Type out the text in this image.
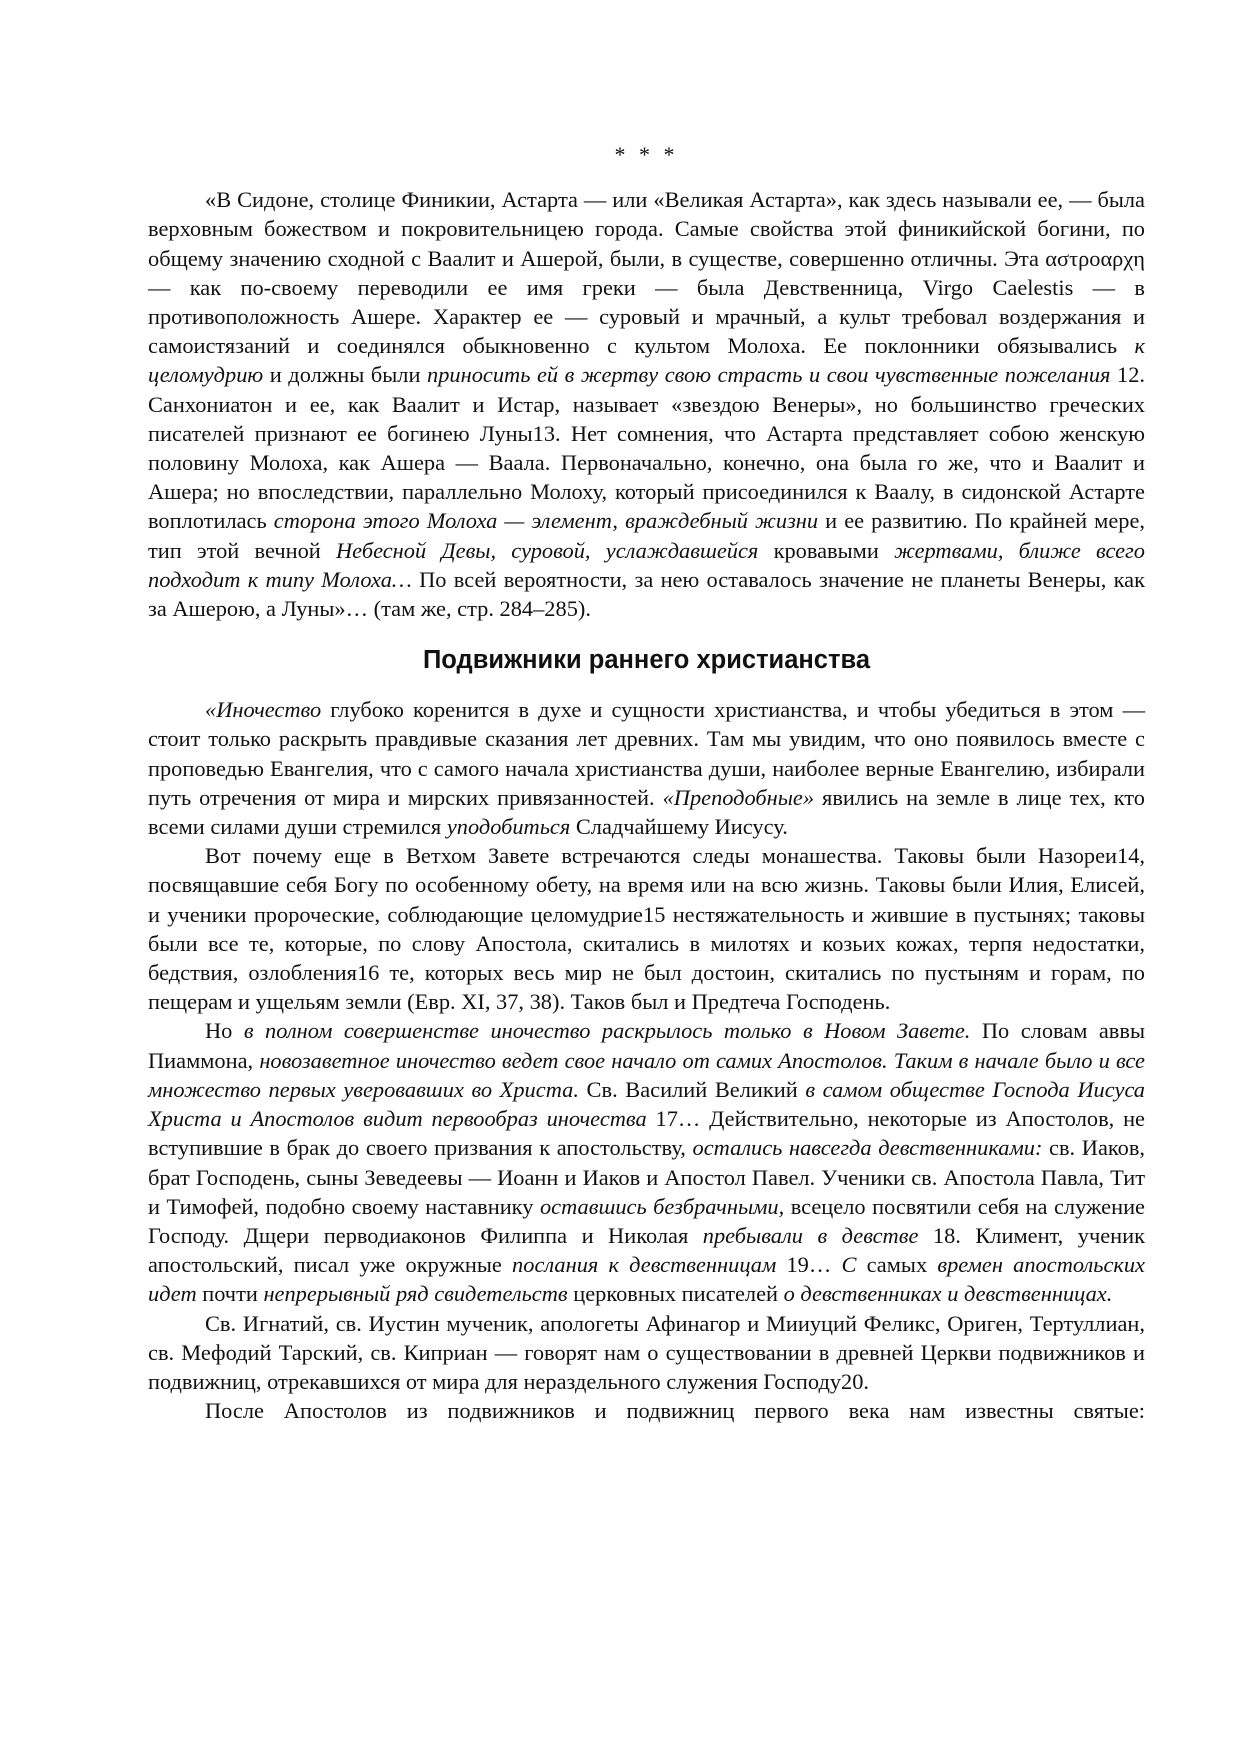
* * *

«В Сидоне, столице Финикии, Астарта — или «Великая Астарта», как здесь называли ее, — была верховным божеством и покровительницею города. Самые свойства этой финикийской богини, по общему значению сходной с Ваалит и Ашерой, были, в существе, совершенно отличны. Эта αστροαρχη — как по-своему переводили ее имя греки — была Девственница, Virgo Caelestis — в противоположность Ашере. Характер ее — суровый и мрачный, а культ требовал воздержания и самоистязаний и соединялся обыкновенно с культом Молоха. Ее поклонники обязывались к целомудрию и должны были приносить ей в жертву свою страсть и свои чувственные пожелания 12. Санхониатон и ее, как Ваалит и Истар, называет «звездою Венеры», но большинство греческих писателей признают ее богинею Луны13. Нет сомнения, что Астарта представляет собою женскую половину Молоха, как Ашера — Ваала. Первоначально, конечно, она была го же, что и Ваалит и Ашера; но впоследствии, параллельно Молоху, который присоединился к Ваалу, в сидонской Астарте воплотилась сторона этого Молоха — элемент, враждебный жизни и ее развитию. По крайней мере, тип этой вечной Небесной Девы, суровой, услаждавшейся кровавыми жертвами, ближе всего подходит к типу Молоха… По всей вероятности, за нею оставалось значение не планеты Венеры, как за Ашерою, а Луны»… (там же, стр. 284–285).

Подвижники раннего христианства

«Иночество глубоко коренится в духе и сущности христианства, и чтобы убедиться в этом — стоит только раскрыть правдивые сказания лет древних. Там мы увидим, что оно появилось вместе с проповедью Евангелия, что с самого начала христианства души, наиболее верные Евангелию, избирали путь отречения от мира и мирских привязанностей. «Преподобные» явились на земле в лице тех, кто всеми силами души стремился уподобиться Сладчайшему Иисусу.

Вот почему еще в Ветхом Завете встречаются следы монашества. Таковы были Назореи14, посвящавшие себя Богу по особенному обету, на время или на всю жизнь. Таковы были Илия, Елисей, и ученики пророческие, соблюдающие целомудрие15 нестяжательность и жившие в пустынях; таковы были все те, которые, по слову Апостола, скитались в милотях и козьих кожах, терпя недостатки, бедствия, озлобления16 те, которых весь мир не был достоин, скитались по пустыням и горам, по пещерам и ущельям земли (Евр. XI, 37, 38). Таков был и Предтеча Господень.

Но в полном совершенстве иночество раскрылось только в Новом Завете. По словам аввы Пиаммона, новозаветное иночество ведет свое начало от самих Апостолов. Таким в начале было и все множество первых уверовавших во Христа. Св. Василий Великий в самом обществе Господа Иисуса Христа и Апостолов видит первообраз иночества 17… Действительно, некоторые из Апостолов, не вступившие в брак до своего призвания к апостольству, остались навсегда девственниками: св. Иаков, брат Господень, сыны Зеведеевы — Иоанн и Иаков и Апостол Павел. Ученики св. Апостола Павла, Тит и Тимофей, подобно своему наставнику оставшись безбрачными, всецело посвятили себя на служение Господу. Дщери перводиаконов Филиппа и Николая пребывали в девстве 18. Климент, ученик апостольский, писал уже окружные послания к девственницам 19… С самых времен апостольских идет почти непрерывный ряд свидетельств церковных писателей о девственниках и девственницах.

Св. Игнатий, св. Иустин мученик, апологеты Афинагор и Мииуций Феликс, Ориген, Тертуллиан, св. Мефодий Тарский, св. Киприан — говорят нам о существовании в древней Церкви подвижников и подвижниц, отрекавшихся от мира для нераздельного служения Господу20.

После Апостолов из подвижников и подвижниц первого века нам известны святые:
